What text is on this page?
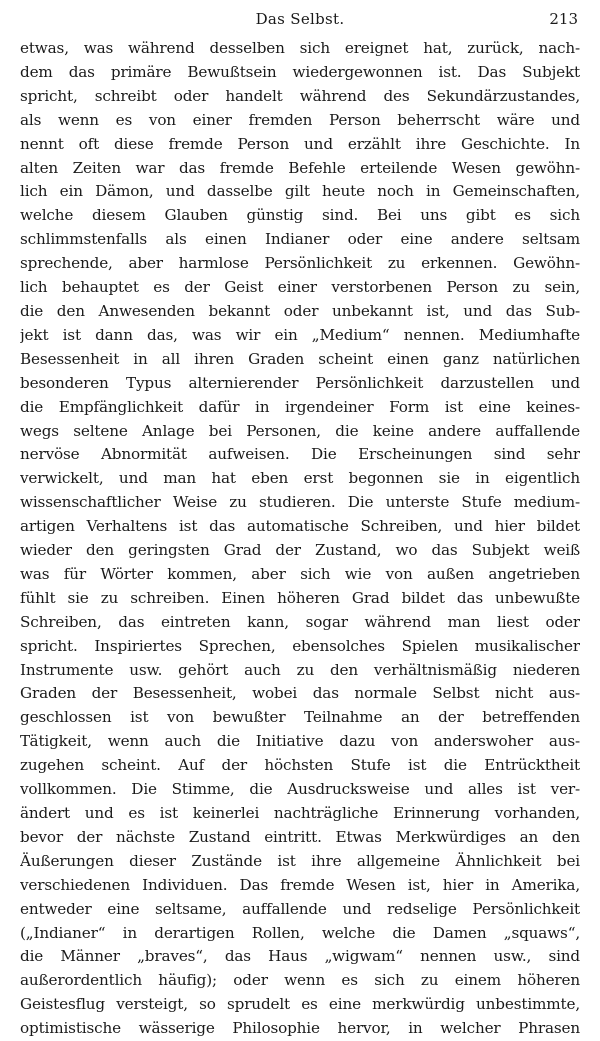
Das Selbst.	213
etwas, was während desselben sich ereignet hat, zurück, nach-
dem das primäre Bewußtsein wiedergewonnen ist. Das Subjekt
spricht, schreibt oder handelt während des Sekundärzustandes,
als wenn es von einer fremden Person beherrscht wäre und
nennt oft diese fremde Person und erzählt ihre Geschichte. In
alten Zeiten war das fremde Befehle erteilende Wesen gewöhn-
lich ein Dämon, und dasselbe gilt heute noch in Gemeinschaften,
welche diesem Glauben günstig sind. Bei uns gibt es sich
schlimmstenfalls als einen Indianer oder eine andere seltsam
sprechende, aber harmlose Persönlichkeit zu erkennen. Gewöhn-
lich behauptet es der Geist einer verstorbenen Person zu sein,
die den Anwesenden bekannt oder unbekannt ist, und das Sub-
jekt ist dann das, was wir ein „Medium“ nennen. Mediumhafte
Besessenheit in all ihren Graden scheint einen ganz natürlichen
besonderen Typus alternierender Persönlichkeit darzustellen und
die Empfänglichkeit dafür in irgendeiner Form ist eine keines-
wegs seltene Anlage bei Personen, die keine andere auffallende
nervöse Abnormität aufweisen. Die Erscheinungen sind sehr
verwickelt, und man hat eben erst begonnen sie in eigentlich
wissenschaftlicher Weise zu studieren. Die unterste Stufe medium-
artigen Verhaltens ist das automatische Schreiben, und hier bildet
wieder den geringsten Grad der Zustand, wo das Subjekt weiß
was für Wörter kommen, aber sich wie von außen angetrieben
fühlt sie zu schreiben. Einen höheren Grad bildet das unbewußte
Schreiben, das eintreten kann, sogar während man liest oder
spricht. Inspiriertes Sprechen, ebensolches Spielen musikalischer
Instrumente usw. gehört auch zu den verhältnismäßig niederen
Graden der Besessenheit, wobei das normale Selbst nicht aus-
geschlossen ist von bewußter Teilnahme an der betreffenden
Tätigkeit, wenn auch die Initiative dazu von anderswoher aus-
zugehen scheint. Auf der höchsten Stufe ist die Entrücktheit
vollkommen. Die Stimme, die Ausdrucksweise und alles ist ver-
ändert und es ist keinerlei nachträgliche Erinnerung vorhanden,
bevor der nächste Zustand eintritt. Etwas Merkwürdiges an den
Äußerungen dieser Zustände ist ihre allgemeine Ähnlichkeit bei
verschiedenen Individuen. Das fremde Wesen ist, hier in Amerika,
entweder eine seltsame, auffallende und redselige Persönlichkeit
(„Indianer“ in derartigen Rollen, welche die Damen „squaws“,
die Männer „braves“, das Haus „wigwam“ nennen usw., sind
außerordentlich häufig); oder wenn es sich zu einem höheren
Geistesflug versteigt, so sprudelt es eine merkwürdig unbestimmte,
optimistische wässerige Philosophie hervor, in welcher Phrasen
